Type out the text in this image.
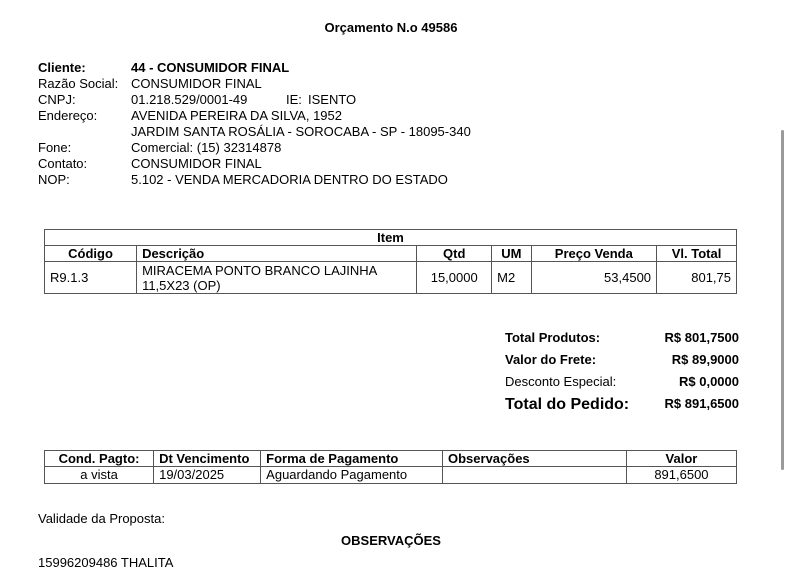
Orçamento N.o 49586
Cliente:	44 - CONSUMIDOR FINAL
Razão Social: CONSUMIDOR FINAL
CNPJ:	01.218.529/0001-49	IE: ISENTO
Endereço:	AVENIDA PEREIRA DA SILVA, 1952
JARDIM SANTA ROSÁLIA - SOROCABA - SP - 18095-340
Fone:	Comercial: (15) 32314878
Contato:	CONSUMIDOR FINAL
NOP:	5.102 - VENDA MERCADORIA DENTRO DO ESTADO
Item					
Código	Descrição	Qtd	UM	Preço Venda	Vl. Total
R9.1.3	MIRACEMA PONTO BRANCO LAJINHA 11,5X23 (OP)	15,0000	M2	53,4500	801,75
Total Produtos:	R$ 801,7500
Valor do Frete:	R$ 89,9000
Desconto Especial:	R$ 0,0000
Total do Pedido:	R$ 891,6500
Cond. Pagto:	Dt Vencimento	Forma de Pagamento	Observações	Valor
a vista	19/03/2025	Aguardando Pagamento		891,6500
Validade da Proposta:
OBSERVAÇÕES
15996209486 THALITA
